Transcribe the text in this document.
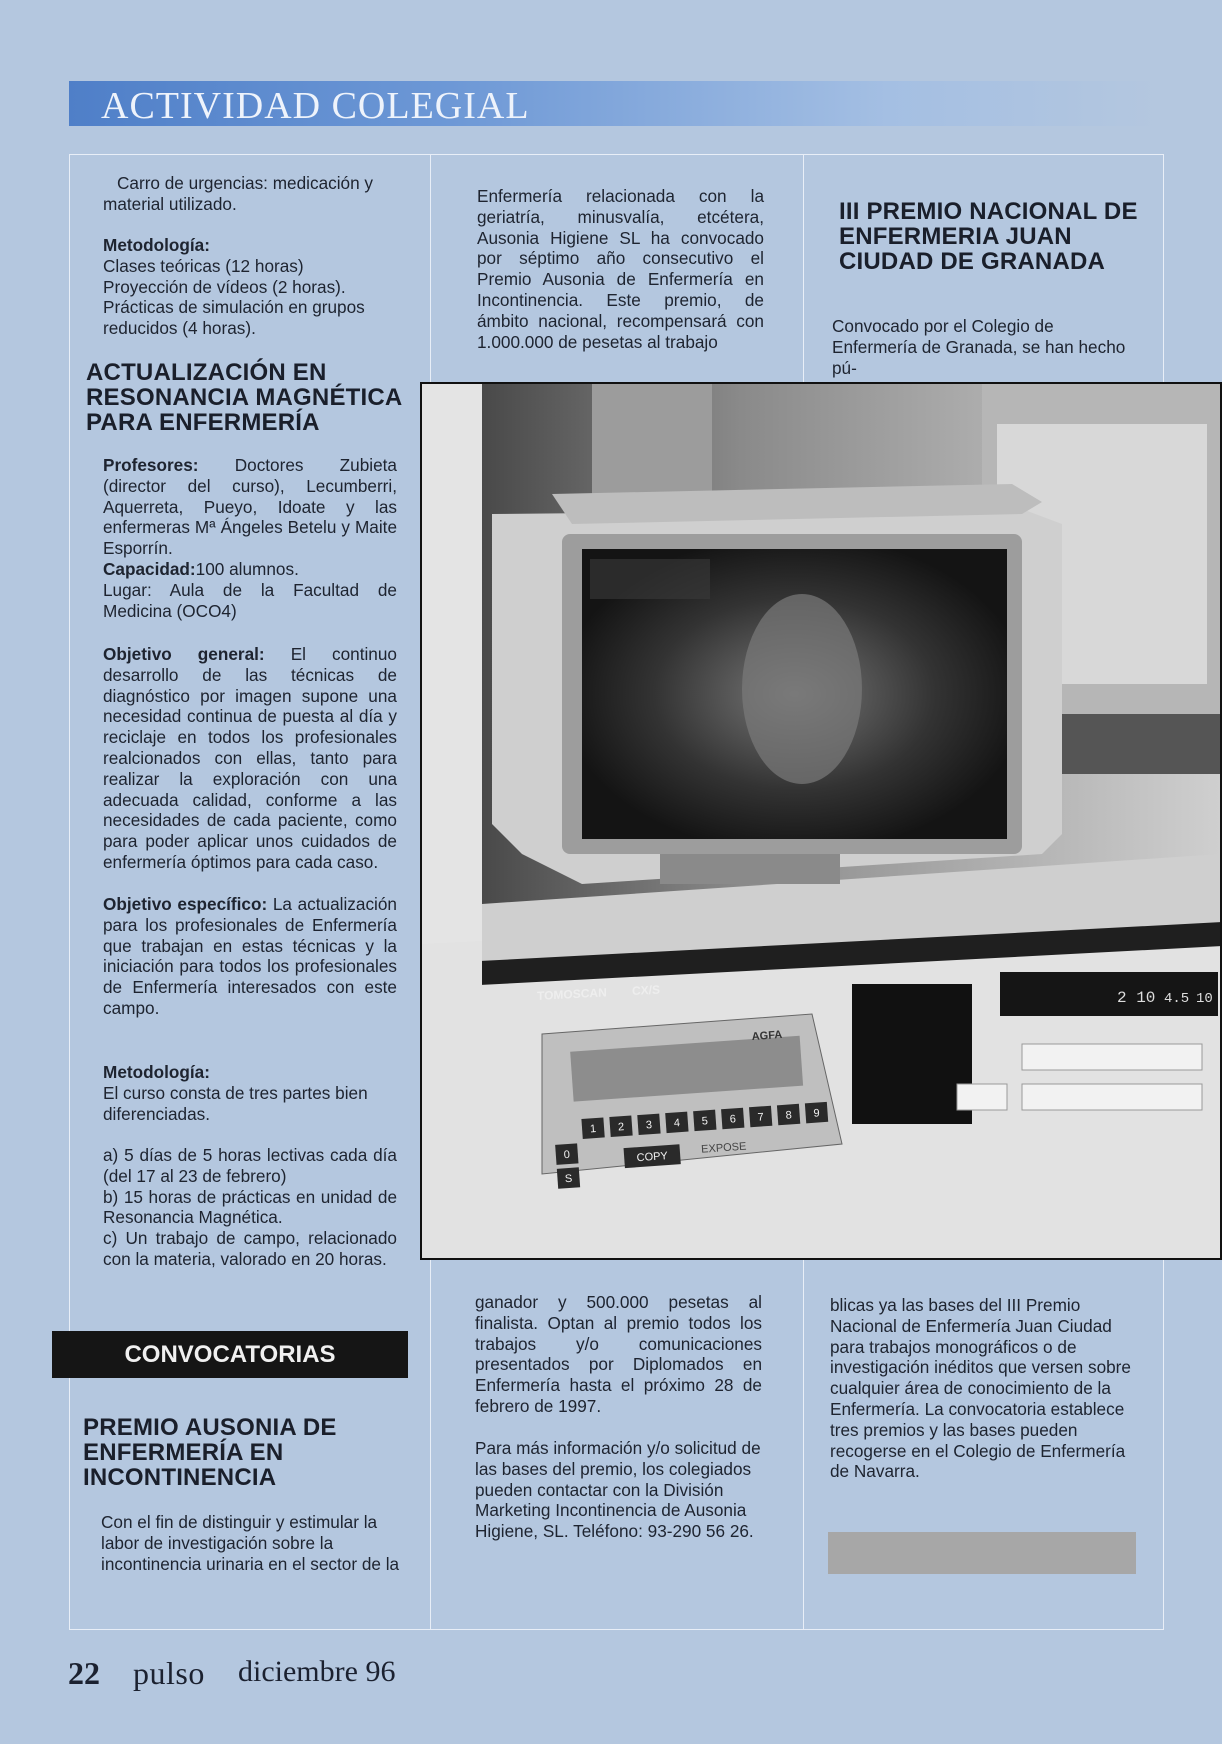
ACTIVIDAD COLEGIAL

Carro de urgencias: medicación y material utilizado.

Metodología:

Clases teóricas (12 horas)

Proyección de vídeos (2 horas).

Prácticas de simulación en grupos reducidos (4 horas).

ACTUALIZACIÓN EN RESONANCIA MAGNÉTICA PARA ENFERMERÍA

Profesores: Doctores Zubieta (director del curso), Lecumberri, Aquerreta, Pueyo, Idoate y las enfermeras Mª Ángeles Betelu y Maite Esporrín.

Capacidad:100 alumnos.

Lugar: Aula de la Facultad de Medicina (OCO4)

Objetivo general: El continuo desarrollo de las técnicas de diagnóstico por imagen supone una necesidad continua de puesta al día y reciclaje en todos los profesionales realcionados con ellas, tanto para realizar la exploración con una adecuada calidad, conforme a las necesidades de cada paciente, como para poder aplicar unos cuidados de enfermería óptimos para cada caso.

Objetivo específico: La actualización para los profesionales de Enfermería que trabajan en estas técnicas y la iniciación para todos los profesionales de Enfermería interesados con este campo.

Metodología:

El curso consta de tres partes bien diferenciadas.

a) 5 días de 5 horas lectivas cada día (del 17 al 23 de febrero)

b) 15 horas de prácticas en unidad de Resonancia Magnética.

c) Un trabajo de campo, relacionado con la materia, valorado en 20 horas.

CONVOCATORIAS
PREMIO AUSONIA DE ENFERMERÍA EN INCONTINENCIA

Con el fin de distinguir y estimular la labor de investigación sobre la incontinencia urinaria en el sector de la

Enfermería relacionada con la geriatría, minusvalía, etcétera, Ausonia Higiene SL ha convocado por séptimo año consecutivo el Premio Ausonia de Enfermería en Incontinencia. Este premio, de ámbito nacional, recompensará con 1.000.000 de pesetas al trabajo

ganador y 500.000 pesetas al finalista. Optan al premio todos los trabajos y/o comunicaciones presentados por Diplomados en Enfermería hasta el próximo 28 de febrero de 1997.

Para más información y/o solicitud de las bases del premio, los colegiados pueden contactar con la División Marketing Incontinencia de Ausonia Higiene, SL. Teléfono: 93-290 56 26.

III PREMIO NACIONAL DE ENFERMERIA JUAN CIUDAD DE GRANADA

Convocado por el Colegio de Enfermería de Granada, se han hecho pú-

blicas ya las bases del III Premio Nacional de Enfermería Juan Ciudad para trabajos monográficos o de investigación inéditos que versen sobre cualquier área de conocimiento de la Enfermería. La convocatoria establece tres premios y las bases pueden recogerse en el Colegio de Enfermería de Navarra.

TOMOSCAN CX/S	2 10 4.5 10
AGFA
1 2 3 4 5 6 7 8 9
0
S
COPY
EXPOSE
22 pulso diciembre 96
